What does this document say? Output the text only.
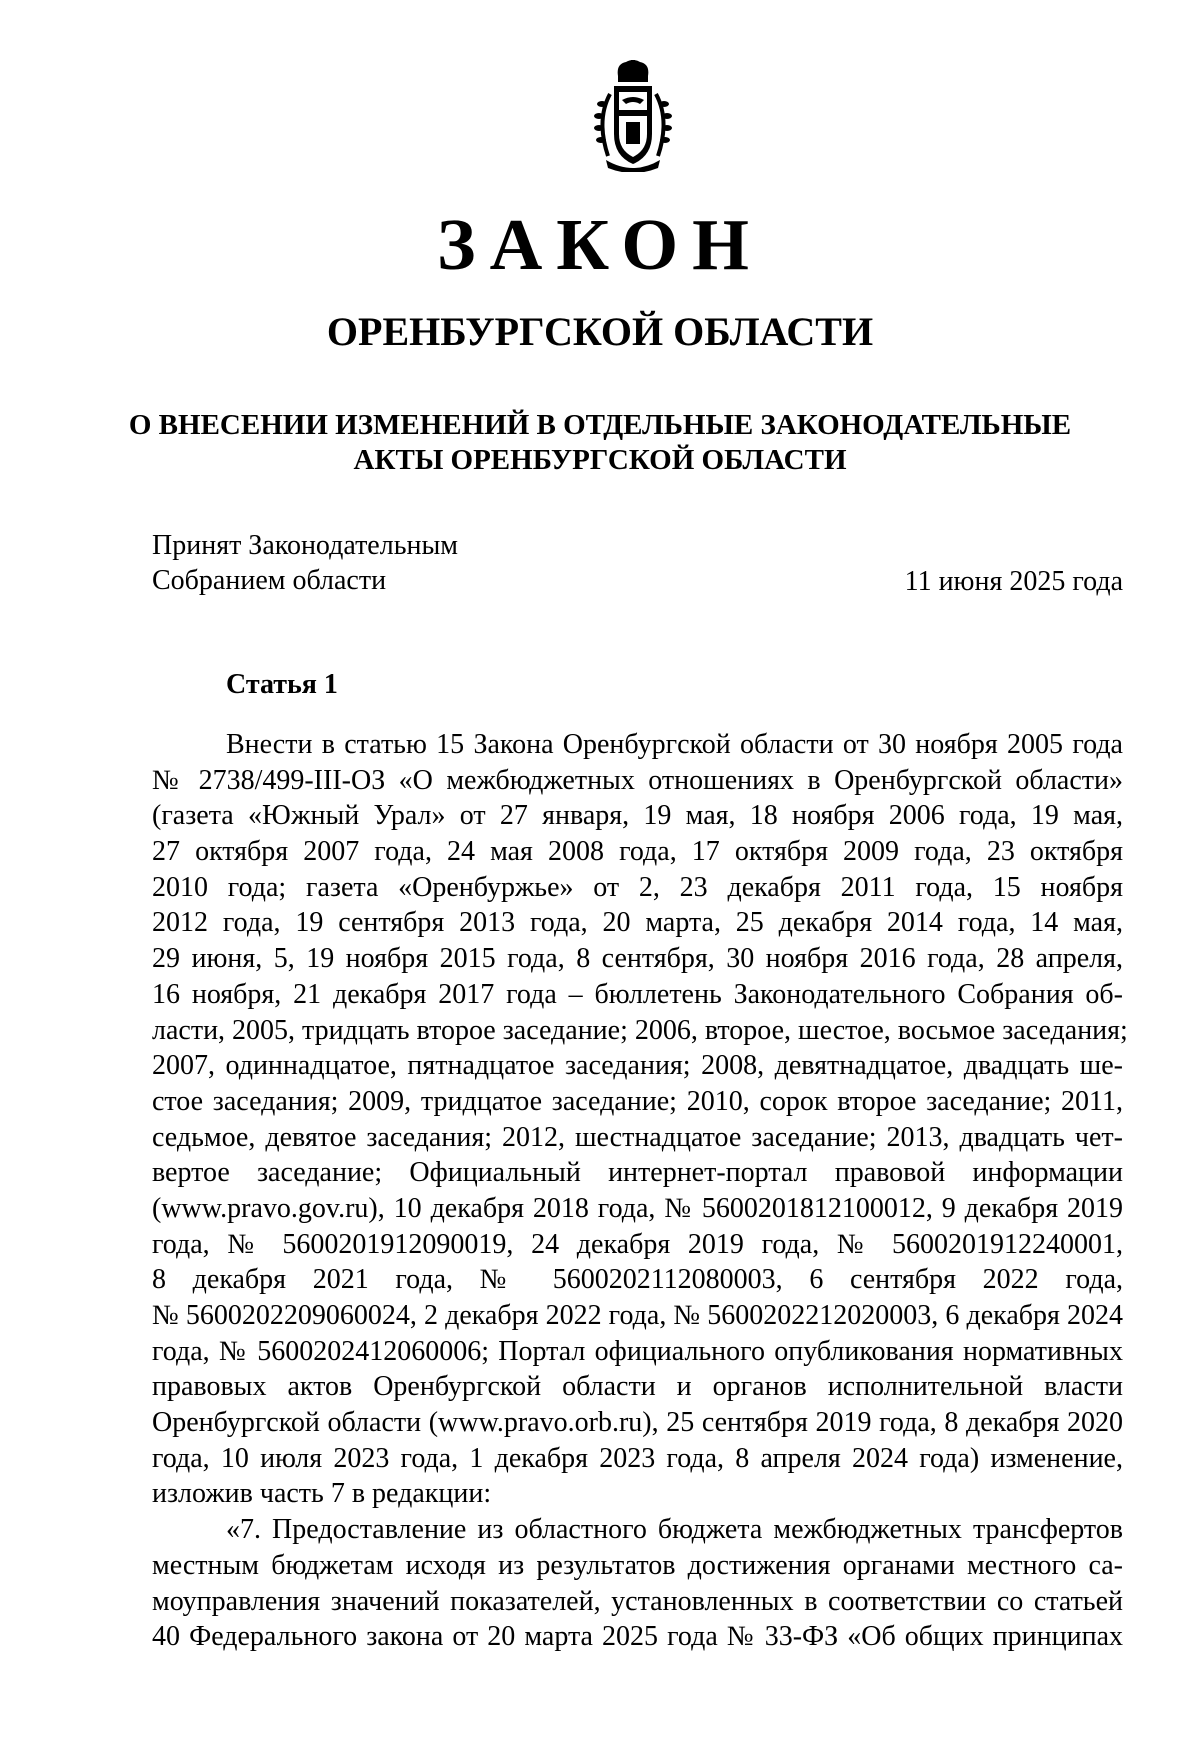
ЗАКОН
ОРЕНБУРГСКОЙ ОБЛАСТИ
О ВНЕСЕНИИ ИЗМЕНЕНИЙ В ОТДЕЛЬНЫЕ ЗАКОНОДАТЕЛЬНЫЕ
АКТЫ ОРЕНБУРГСКОЙ ОБЛАСТИ
Принят Законодательным
Собранием области	11 июня 2025 года
Статья 1
Внести в статью 15 Закона Оренбургской области от 30 ноября 2005 года
№ 2738/499-III-ОЗ «О межбюджетных отношениях в Оренбургской области»
(газета «Южный Урал» от 27 января, 19 мая, 18 ноября 2006 года, 19 мая,
27 октября 2007 года, 24 мая 2008 года, 17 октября 2009 года, 23 октября
2010 года; газета «Оренбуржье» от 2, 23 декабря 2011 года, 15 ноября
2012 года, 19 сентября 2013 года, 20 марта, 25 декабря 2014 года, 14 мая,
29 июня, 5, 19 ноября 2015 года, 8 сентября, 30 ноября 2016 года, 28 апреля,
16 ноября, 21 декабря 2017 года – бюллетень Законодательного Собрания об-
ласти, 2005, тридцать второе заседание; 2006, второе, шестое, восьмое заседания;
2007, одиннадцатое, пятнадцатое заседания; 2008, девятнадцатое, двадцать ше-
стое заседания; 2009, тридцатое заседание; 2010, сорок второе заседание; 2011,
седьмое, девятое заседания; 2012, шестнадцатое заседание; 2013, двадцать чет-
вертое заседание; Официальный интернет-портал правовой информации
(www.pravo.gov.ru), 10 декабря 2018 года, № 5600201812100012, 9 декабря 2019
года, № 5600201912090019, 24 декабря 2019 года, № 5600201912240001,
8 декабря 2021 года, № 5600202112080003, 6 сентября 2022 года,
№ 5600202209060024, 2 декабря 2022 года, № 5600202212020003, 6 декабря 2024
года, № 5600202412060006; Портал официального опубликования нормативных
правовых актов Оренбургской области и органов исполнительной власти
Оренбургской области (www.pravo.orb.ru), 25 сентября 2019 года, 8 декабря 2020
года, 10 июля 2023 года, 1 декабря 2023 года, 8 апреля 2024 года) изменение,
изложив часть 7 в редакции:
«7. Предоставление из областного бюджета межбюджетных трансфертов
местным бюджетам исходя из результатов достижения органами местного са-
моуправления значений показателей, установленных в соответствии со статьей
40 Федерального закона от 20 марта 2025 года № 33-ФЗ «Об общих принципах
